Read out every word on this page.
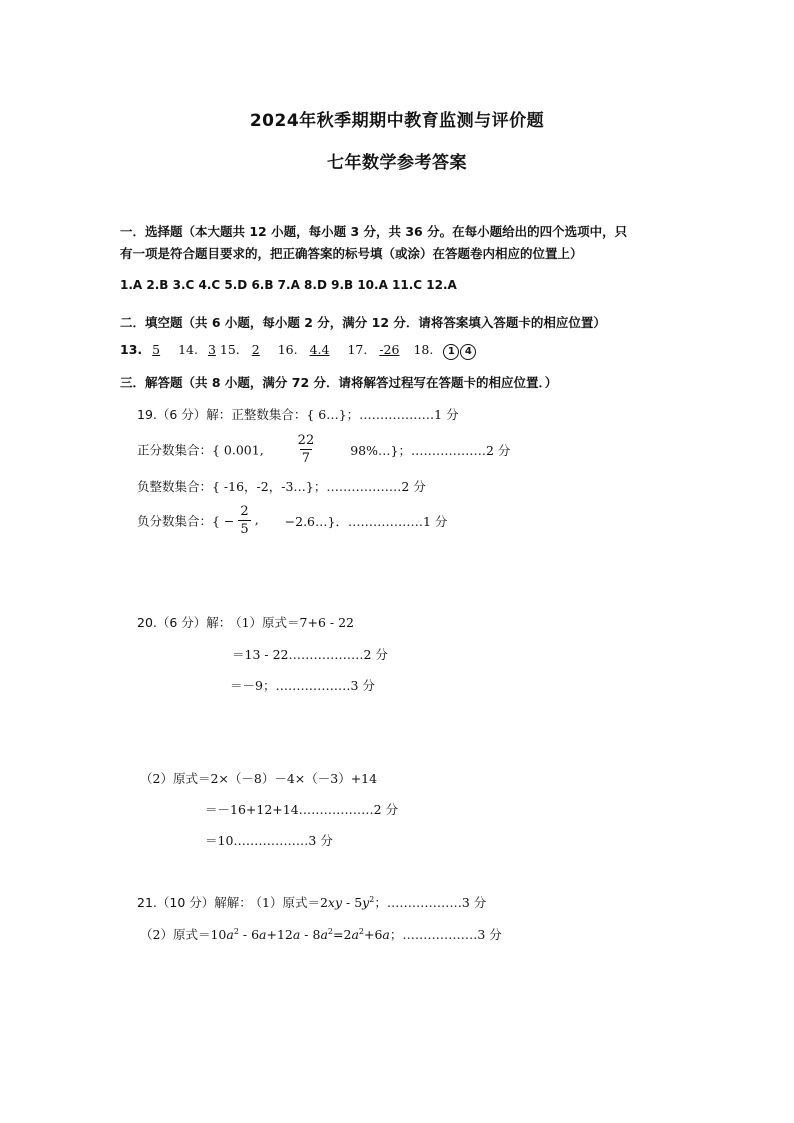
2024年秋季期期中教育监测与评价题
七年数学参考答案
一．选择题（本大题共 12 小题，每小题 3 分，共 36 分。在每小题给出的四个选项中，只
有一项是符合题目要求的，把正确答案的标号填（或涂）在答题卷内相应的位置上）
1.A 2.B 3.C 4.C 5.D 6.B 7.A 8.D 9.B 10.A 11.C 12.A
二．填空题（共 6 小题，每小题 2 分，满分 12 分．请将答案填入答题卡的相应位置）
13. 5 14. 3 15. 2 16. 4.4 17. -26 18. 1 4
三．解答题（共 8 小题，满分 72 分．请将解答过程写在答题卡的相应位置．）
19.（6 分）解：正整数集合：{ 6…}；………………1 分
正分数集合：{ 0.001, $\frac{22}{7}$	98%…}；………………2 分
负整数集合：{ -16，-2，-3…}；………………2 分
负分数集合：{ − $\frac{2}{5}$ , −2.6…}．………………1 分
20.（6 分）解： （1）原式＝7+6 - 22
＝13 - 22………………2 分
＝－9；………………3 分
（2）原式＝2×（－8）－4×（－3）+14
＝－16+12+14………………2 分
＝10………………3 分
21.（10 分）解解： （1）原式$=2xy - 5y^2$；………………3 分
（2）原式$=10a^2 - 6a+12a - 8a^2=2a^2+6a$；………………3 分
